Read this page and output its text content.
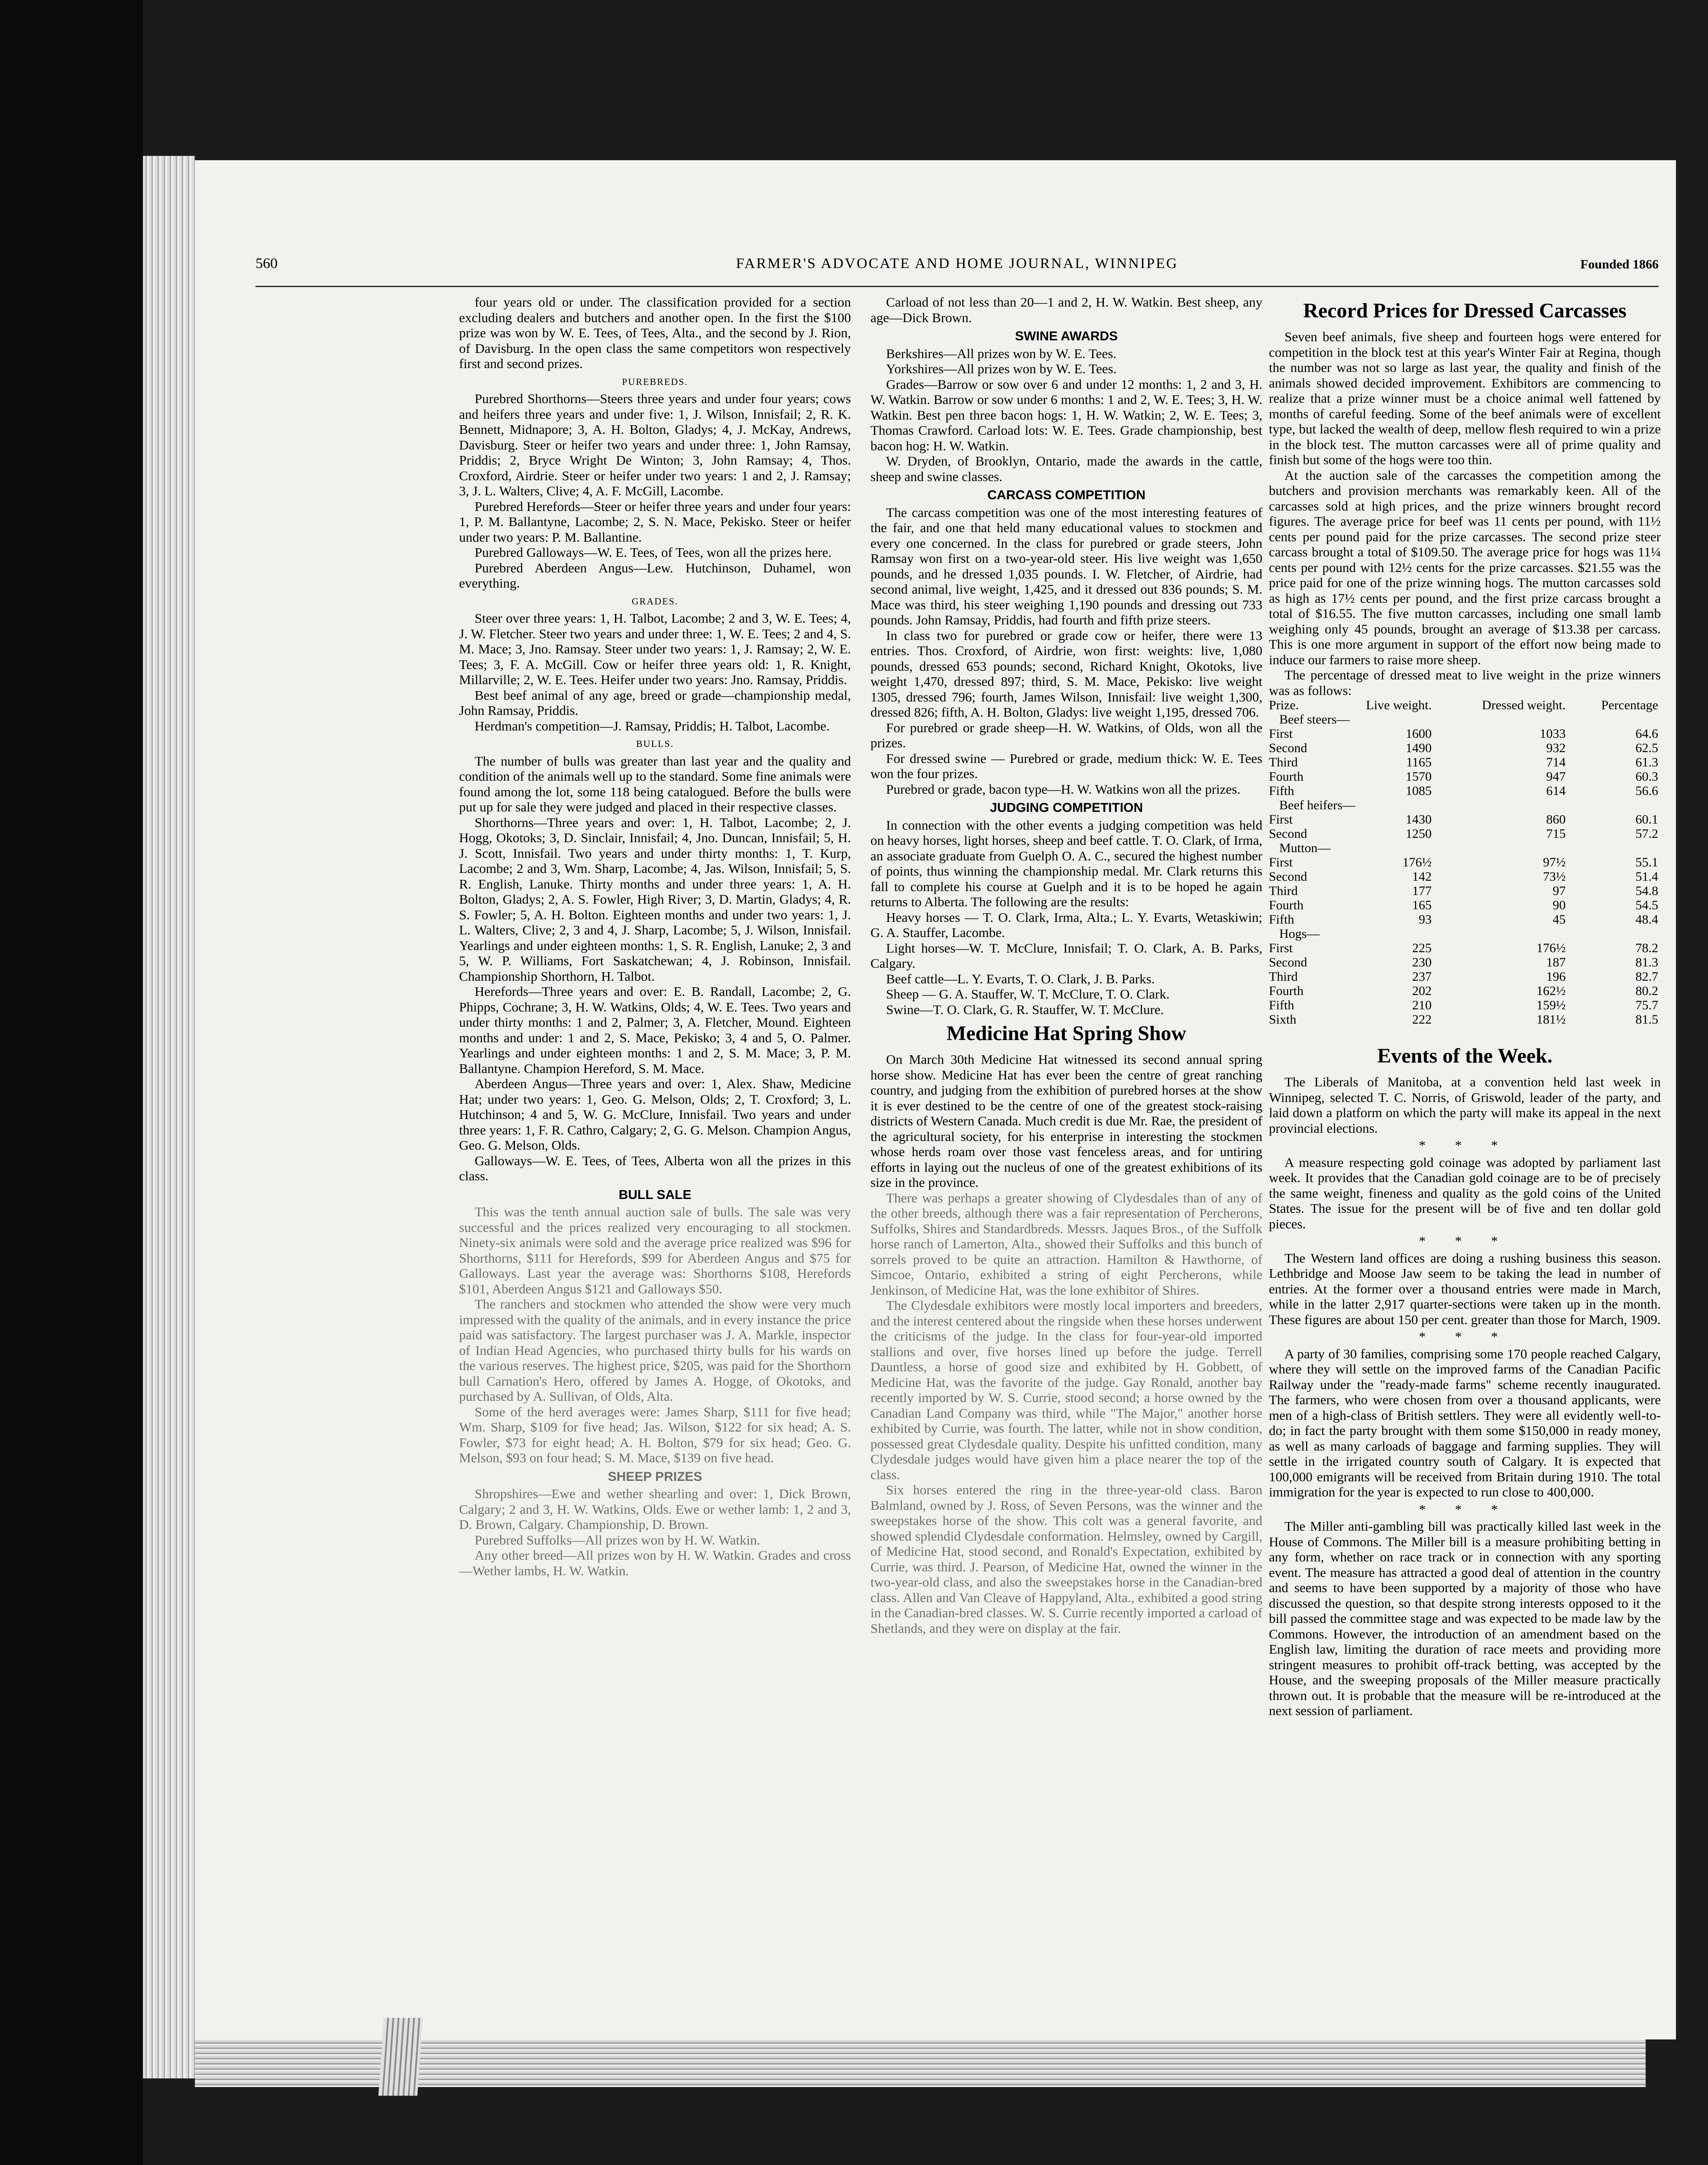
560	FARMER'S ADVOCATE AND HOME JOURNAL, WINNIPEG	Founded 1866

four years old or under. The classification provided for a section excluding dealers and butchers and another open. In the first the $100 prize was won by W. E. Tees, of Tees, Alta., and the second by J. Rion, of Davisburg. In the open class the same competitors won respectively first and second prizes.

PUREBREDS.

Purebred Shorthorns—Steers three years and under four years; cows and heifers three years and under five: 1, J. Wilson, Innisfail; 2, R. K. Bennett, Midnapore; 3, A. H. Bolton, Gladys; 4, J. McKay, Andrews, Davisburg. Steer or heifer two years and under three: 1, John Ramsay, Priddis; 2, Bryce Wright De Winton; 3, John Ramsay; 4, Thos. Croxford, Airdrie. Steer or heifer under two years: 1 and 2, J. Ramsay; 3, J. L. Walters, Clive; 4, A. F. McGill, Lacombe.

Purebred Herefords—Steer or heifer three years and under four years: 1, P. M. Ballantyne, Lacombe; 2, S. N. Mace, Pekisko. Steer or heifer under two years: P. M. Ballantine.

Purebred Galloways—W. E. Tees, of Tees, won all the prizes here.

Purebred Aberdeen Angus—Lew. Hutchinson, Duhamel, won everything.

GRADES.

Steer over three years: 1, H. Talbot, Lacombe; 2 and 3, W. E. Tees; 4, J. W. Fletcher. Steer two years and under three: 1, W. E. Tees; 2 and 4, S. M. Mace; 3, Jno. Ramsay. Steer under two years: 1, J. Ramsay; 2, W. E. Tees; 3, F. A. McGill. Cow or heifer three years old: 1, R. Knight, Millarville; 2, W. E. Tees. Heifer under two years: Jno. Ramsay, Priddis.

Best beef animal of any age, breed or grade—championship medal, John Ramsay, Priddis.

Herdman's competition—J. Ramsay, Priddis; H. Talbot, Lacombe.

BULLS.

The number of bulls was greater than last year and the quality and condition of the animals well up to the standard. Some fine animals were found among the lot, some 118 being catalogued. Before the bulls were put up for sale they were judged and placed in their respective classes.

Shorthorns—Three years and over: 1, H. Talbot, Lacombe; 2, J. Hogg, Okotoks; 3, D. Sinclair, Innisfail; 4, Jno. Duncan, Innisfail; 5, H. J. Scott, Innisfail. Two years and under thirty months: 1, T. Kurp, Lacombe; 2 and 3, Wm. Sharp, Lacombe; 4, Jas. Wilson, Innisfail; 5, S. R. English, Lanuke. Thirty months and under three years: 1, A. H. Bolton, Gladys; 2, A. S. Fowler, High River; 3, D. Martin, Gladys; 4, R. S. Fowler; 5, A. H. Bolton. Eighteen months and under two years: 1, J. L. Walters, Clive; 2, 3 and 4, J. Sharp, Lacombe; 5, J. Wilson, Innisfail. Yearlings and under eighteen months: 1, S. R. English, Lanuke; 2, 3 and 5, W. P. Williams, Fort Saskatchewan; 4, J. Robinson, Innisfail. Championship Shorthorn, H. Talbot.

Herefords—Three years and over: E. B. Randall, Lacombe; 2, G. Phipps, Cochrane; 3, H. W. Watkins, Olds; 4, W. E. Tees. Two years and under thirty months: 1 and 2, Palmer; 3, A. Fletcher, Mound. Eighteen months and under: 1 and 2, S. Mace, Pekisko; 3, 4 and 5, O. Palmer. Yearlings and under eighteen months: 1 and 2, S. M. Mace; 3, P. M. Ballantyne. Champion Hereford, S. M. Mace.

Aberdeen Angus—Three years and over: 1, Alex. Shaw, Medicine Hat; under two years: 1, Geo. G. Melson, Olds; 2, T. Croxford; 3, L. Hutchinson; 4 and 5, W. G. McClure, Innisfail. Two years and under three years: 1, F. R. Cathro, Calgary; 2, G. G. Melson. Champion Angus, Geo. G. Melson, Olds.

Galloways—W. E. Tees, of Tees, Alberta won all the prizes in this class.

BULL SALE

This was the tenth annual auction sale of bulls. The sale was very successful and the prices realized very encouraging to all stockmen. Ninety-six animals were sold and the average price realized was $96 for Shorthorns, $111 for Herefords, $99 for Aberdeen Angus and $75 for Galloways. Last year the average was: Shorthorns $108, Herefords $101, Aberdeen Angus $121 and Galloways $50.

The ranchers and stockmen who attended the show were very much impressed with the quality of the animals, and in every instance the price paid was satisfactory. The largest purchaser was J. A. Markle, inspector of Indian Head Agencies, who purchased thirty bulls for his wards on the various reserves. The highest price, $205, was paid for the Shorthorn bull Carnation's Hero, offered by James A. Hogge, of Okotoks, and purchased by A. Sullivan, of Olds, Alta.

Some of the herd averages were: James Sharp, $111 for five head; Wm. Sharp, $109 for five head; Jas. Wilson, $122 for six head; A. S. Fowler, $73 for eight head; A. H. Bolton, $79 for six head; Geo. G. Melson, $93 on four head; S. M. Mace, $139 on five head.

SHEEP PRIZES

Shropshires—Ewe and wether shearling and over: 1, Dick Brown, Calgary; 2 and 3, H. W. Watkins, Olds. Ewe or wether lamb: 1, 2 and 3, D. Brown, Calgary. Championship, D. Brown.

Purebred Suffolks—All prizes won by H. W. Watkin.

Any other breed—All prizes won by H. W. Watkin. Grades and cross—Wether lambs, H. W. Watkin.

Carload of not less than 20—1 and 2, H. W. Watkin. Best sheep, any age—Dick Brown.

SWINE AWARDS

Berkshires—All prizes won by W. E. Tees.

Yorkshires—All prizes won by W. E. Tees.

Grades—Barrow or sow over 6 and under 12 months: 1, 2 and 3, H. W. Watkin. Barrow or sow under 6 months: 1 and 2, W. E. Tees; 3, H. W. Watkin. Best pen three bacon hogs: 1, H. W. Watkin; 2, W. E. Tees; 3, Thomas Crawford. Carload lots: W. E. Tees. Grade championship, best bacon hog: H. W. Watkin.

W. Dryden, of Brooklyn, Ontario, made the awards in the cattle, sheep and swine classes.

CARCASS COMPETITION

The carcass competition was one of the most interesting features of the fair, and one that held many educational values to stockmen and every one concerned. In the class for purebred or grade steers, John Ramsay won first on a two-year-old steer. His live weight was 1,650 pounds, and he dressed 1,035 pounds. I. W. Fletcher, of Airdrie, had second animal, live weight, 1,425, and it dressed out 836 pounds; S. M. Mace was third, his steer weighing 1,190 pounds and dressing out 733 pounds. John Ramsay, Priddis, had fourth and fifth prize steers.

In class two for purebred or grade cow or heifer, there were 13 entries. Thos. Croxford, of Airdrie, won first: weights: live, 1,080 pounds, dressed 653 pounds; second, Richard Knight, Okotoks, live weight 1,470, dressed 897; third, S. M. Mace, Pekisko: live weight 1305, dressed 796; fourth, James Wilson, Innisfail: live weight 1,300, dressed 826; fifth, A. H. Bolton, Gladys: live weight 1,195, dressed 706.

For purebred or grade sheep—H. W. Watkins, of Olds, won all the prizes.

For dressed swine — Purebred or grade, medium thick: W. E. Tees won the four prizes.

Purebred or grade, bacon type—H. W. Watkins won all the prizes.

JUDGING COMPETITION

In connection with the other events a judging competition was held on heavy horses, light horses, sheep and beef cattle. T. O. Clark, of Irma, an associate graduate from Guelph O. A. C., secured the highest number of points, thus winning the championship medal. Mr. Clark returns this fall to complete his course at Guelph and it is to be hoped he again returns to Alberta. The following are the results:

Heavy horses — T. O. Clark, Irma, Alta.; L. Y. Evarts, Wetaskiwin; G. A. Stauffer, Lacombe.

Light horses—W. T. McClure, Innisfail; T. O. Clark, A. B. Parks, Calgary.

Beef cattle—L. Y. Evarts, T. O. Clark, J. B. Parks.

Sheep — G. A. Stauffer, W. T. McClure, T. O. Clark.

Swine—T. O. Clark, G. R. Stauffer, W. T. McClure.

Medicine Hat Spring Show

On March 30th Medicine Hat witnessed its second annual spring horse show. Medicine Hat has ever been the centre of great ranching country, and judging from the exhibition of purebred horses at the show it is ever destined to be the centre of one of the greatest stock-raising districts of Western Canada. Much credit is due Mr. Rae, the president of the agricultural society, for his enterprise in interesting the stockmen whose herds roam over those vast fenceless areas, and for untiring efforts in laying out the nucleus of one of the greatest exhibitions of its size in the province.

There was perhaps a greater showing of Clydesdales than of any of the other breeds, although there was a fair representation of Percherons, Suffolks, Shires and Standardbreds. Messrs. Jaques Bros., of the Suffolk horse ranch of Lamerton, Alta., showed their Suffolks and this bunch of sorrels proved to be quite an attraction. Hamilton & Hawthorne, of Simcoe, Ontario, exhibited a string of eight Percherons, while Jenkinson, of Medicine Hat, was the lone exhibitor of Shires.

The Clydesdale exhibitors were mostly local importers and breeders, and the interest centered about the ringside when these horses underwent the criticisms of the judge. In the class for four-year-old imported stallions and over, five horses lined up before the judge. Terrell Dauntless, a horse of good size and exhibited by H. Gobbett, of Medicine Hat, was the favorite of the judge. Gay Ronald, another bay recently imported by W. S. Currie, stood second; a horse owned by the Canadian Land Company was third, while "The Major," another horse exhibited by Currie, was fourth. The latter, while not in show condition, possessed great Clydesdale quality. Despite his unfitted condition, many Clydesdale judges would have given him a place nearer the top of the class.

Six horses entered the ring in the three-year-old class. Baron Balmland, owned by J. Ross, of Seven Persons, was the winner and the sweepstakes horse of the show. This colt was a general favorite, and showed splendid Clydesdale conformation. Helmsley, owned by Cargill, of Medicine Hat, stood second, and Ronald's Expectation, exhibited by Currie, was third. J. Pearson, of Medicine Hat, owned the winner in the two-year-old class, and also the sweepstakes horse in the Canadian-bred class. Allen and Van Cleave of Happyland, Alta., exhibited a good string in the Canadian-bred classes. W. S. Currie recently imported a carload of Shetlands, and they were on display at the fair.

Record Prices for Dressed Carcasses

Seven beef animals, five sheep and fourteen hogs were entered for competition in the block test at this year's Winter Fair at Regina, though the number was not so large as last year, the quality and finish of the animals showed decided improvement. Exhibitors are commencing to realize that a prize winner must be a choice animal well fattened by months of careful feeding. Some of the beef animals were of excellent type, but lacked the wealth of deep, mellow flesh required to win a prize in the block test. The mutton carcasses were all of prime quality and finish but some of the hogs were too thin.

At the auction sale of the carcasses the competition among the butchers and provision merchants was remarkably keen. All of the carcasses sold at high prices, and the prize winners brought record figures. The average price for beef was 11 cents per pound, with 11½ cents per pound paid for the prize carcasses. The second prize steer carcass brought a total of $109.50. The average price for hogs was 11¼ cents per pound with 12½ cents for the prize carcasses. $21.55 was the price paid for one of the prize winning hogs. The mutton carcasses sold as high as 17½ cents per pound, and the first prize carcass brought a total of $16.55. The five mutton carcasses, including one small lamb weighing only 45 pounds, brought an average of $13.38 per carcass. This is one more argument in support of the effort now being made to induce our farmers to raise more sheep.

The percentage of dressed meat to live weight in the prize winners was as follows:

Prize.	Live weight.	Dressed weight.	Percentage
Beef steers—			
First	1600	1033	64.6
Second	1490	932	62.5
Third	1165	714	61.3
Fourth	1570	947	60.3
Fifth	1085	614	56.6
Beef heifers—			
First	1430	860	60.1
Second	1250	715	57.2
Mutton—			
First	176½	97½	55.1
Second	142	73½	51.4
Third	177	97	54.8
Fourth	165	90	54.5
Fifth	93	45	48.4
Hogs—			
First	225	176½	78.2
Second	230	187	81.3
Third	237	196	82.7
Fourth	202	162½	80.2
Fifth	210	159½	75.7
Sixth	222	181½	81.5
Events of the Week.

The Liberals of Manitoba, at a convention held last week in Winnipeg, selected T. C. Norris, of Griswold, leader of the party, and laid down a platform on which the party will make its appeal in the next provincial elections.

* * *

A measure respecting gold coinage was adopted by parliament last week. It provides that the Canadian gold coinage are to be of precisely the same weight, fineness and quality as the gold coins of the United States. The issue for the present will be of five and ten dollar gold pieces.

* * *

The Western land offices are doing a rushing business this season. Lethbridge and Moose Jaw seem to be taking the lead in number of entries. At the former over a thousand entries were made in March, while in the latter 2,917 quarter-sections were taken up in the month. These figures are about 150 per cent. greater than those for March, 1909.

* * *

A party of 30 families, comprising some 170 people reached Calgary, where they will settle on the improved farms of the Canadian Pacific Railway under the "ready-made farms" scheme recently inaugurated. The farmers, who were chosen from over a thousand applicants, were men of a high-class of British settlers. They were all evidently well-to-do; in fact the party brought with them some $150,000 in ready money, as well as many carloads of baggage and farming supplies. They will settle in the irrigated country south of Calgary. It is expected that 100,000 emigrants will be received from Britain during 1910. The total immigration for the year is expected to run close to 400,000.

* * *

The Miller anti-gambling bill was practically killed last week in the House of Commons. The Miller bill is a measure prohibiting betting in any form, whether on race track or in connection with any sporting event. The measure has attracted a good deal of attention in the country and seems to have been supported by a majority of those who have discussed the question, so that despite strong interests opposed to it the bill passed the committee stage and was expected to be made law by the Commons. However, the introduction of an amendment based on the English law, limiting the duration of race meets and providing more stringent measures to prohibit off-track betting, was accepted by the House, and the sweeping proposals of the Miller measure practically thrown out. It is probable that the measure will be re-introduced at the next session of parliament.
